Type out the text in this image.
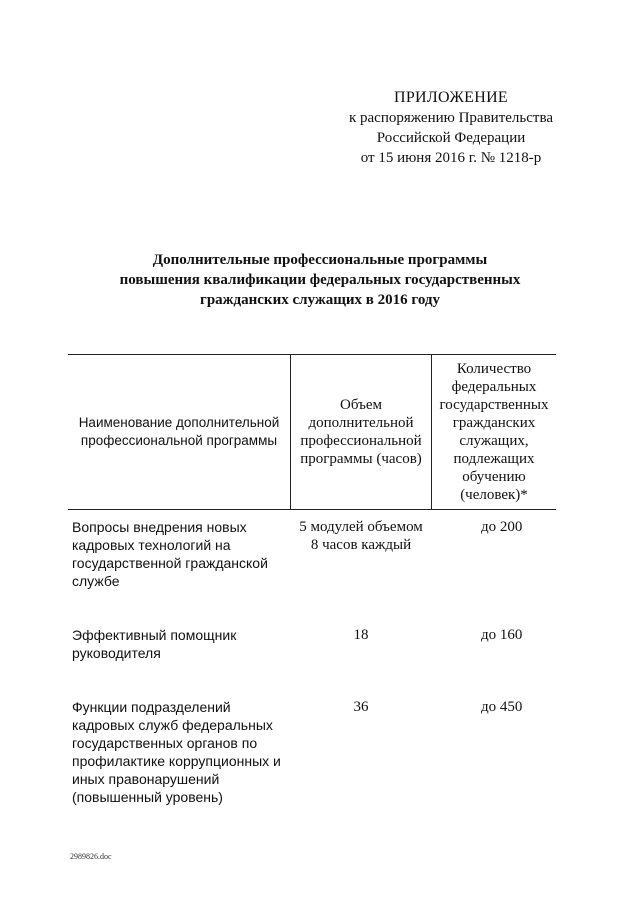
ПРИЛОЖЕНИЕ
к распоряжению Правительства
Российской Федерации
от 15 июня 2016 г. № 1218-р
Дополнительные профессиональные программы
повышения квалификации федеральных государственных
гражданских служащих в 2016 году
Наименование дополнительной профессиональной программы	Объем дополнительной профессиональной программы (часов)	Количество федеральных государственных гражданских служащих, подлежащих обучению (человек)*
Вопросы внедрения новых кадровых технологий на государственной гражданской службе	5 модулей объемом 8 часов каждый	до 200
Эффективный помощник руководителя	18	до 160
Функции подразделений кадровых служб федеральных государственных органов по профилактике коррупционных и иных правонарушений (повышенный уровень)	36	до 450
2989826.doc
